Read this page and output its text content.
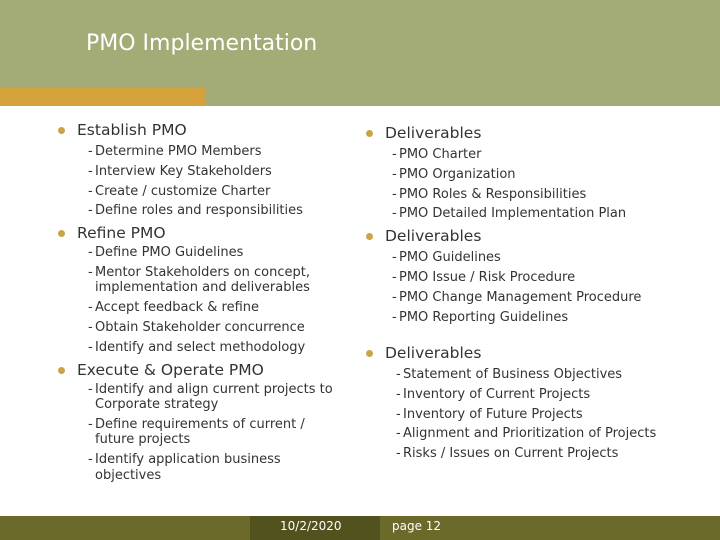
PMO Implementation
Establish PMO
- Determine PMO Members
- Interview Key Stakeholders
- Create / customize Charter
- Define roles and responsibilities
Refine PMO
- Define PMO Guidelines
- Mentor Stakeholders on concept, implementation and deliverables
- Accept feedback & refine
- Obtain Stakeholder concurrence
- Identify and select methodology
Execute & Operate PMO
- Identify and align current projects to Corporate strategy
- Define requirements of current / future projects
- Identify application business objectives
Deliverables
- PMO Charter
- PMO Organization
- PMO Roles & Responsibilities
- PMO Detailed Implementation Plan
Deliverables
- PMO Guidelines
- PMO Issue / Risk Procedure
- PMO Change Management Procedure
- PMO Reporting Guidelines
Deliverables
- Statement of Business Objectives
- Inventory of Current Projects
- Inventory of Future Projects
- Alignment and Prioritization of Projects
- Risks / Issues on Current Projects
10/2/2020	page 12
